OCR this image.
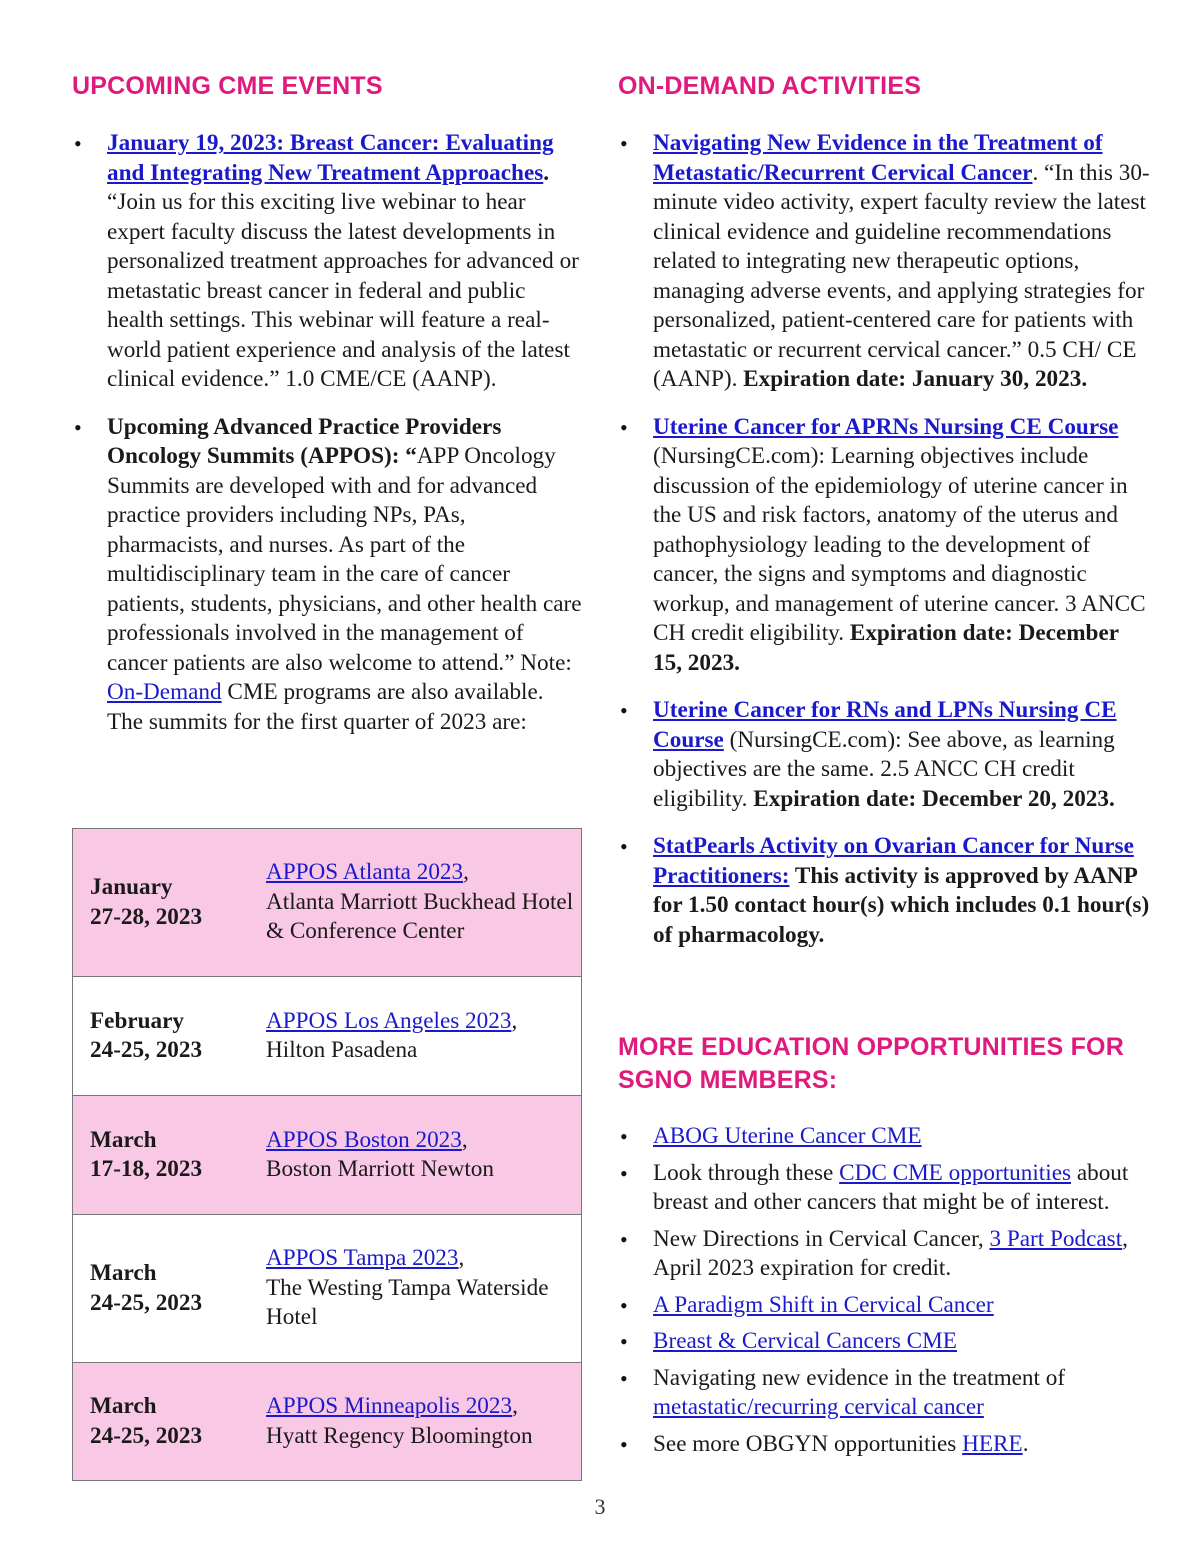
UPCOMING CME EVENTS
• January 19, 2023: Breast Cancer: Evaluating and Integrating New Treatment Approaches. “Join us for this exciting live webinar to hear expert faculty discuss the latest developments in personalized treatment approaches for advanced or metastatic breast cancer in federal and public health settings. This webinar will feature a real-world patient experience and analysis of the latest clinical evidence.” 1.0 CME/CE (AANP).
• Upcoming Advanced Practice Providers Oncology Summits (APPOS): “APP Oncology Summits are developed with and for advanced practice providers including NPs, PAs, pharmacists, and nurses. As part of the multidisciplinary team in the care of cancer patients, students, physicians, and other health care professionals involved in the management of cancer patients are also welcome to attend.” Note: On-Demand CME programs are also available. The summits for the first quarter of 2023 are:
January
27-28, 2023
APPOS Atlanta 2023,
Atlanta Marriott Buckhead Hotel & Conference Center
February
24-25, 2023
APPOS Los Angeles 2023,
Hilton Pasadena
March
17-18, 2023
APPOS Boston 2023,
Boston Marriott Newton
March
24-25, 2023
APPOS Tampa 2023,
The Westing Tampa Waterside Hotel
March
24-25, 2023
APPOS Minneapolis 2023,
Hyatt Regency Bloomington
ON-DEMAND ACTIVITIES
• Navigating New Evidence in the Treatment of Metastatic/Recurrent Cervical Cancer. “In this 30-minute video activity, expert faculty review the latest clinical evidence and guideline recommendations related to integrating new therapeutic options, managing adverse events, and applying strategies for personalized, patient-centered care for patients with metastatic or recurrent cervical cancer.” 0.5 CH/ CE (AANP). Expiration date: January 30, 2023.
• Uterine Cancer for APRNs Nursing CE Course (NursingCE.com): Learning objectives include discussion of the epidemiology of uterine cancer in the US and risk factors, anatomy of the uterus and pathophysiology leading to the development of cancer, the signs and symptoms and diagnostic workup, and management of uterine cancer. 3 ANCC CH credit eligibility. Expiration date: December 15, 2023.
• Uterine Cancer for RNs and LPNs Nursing CE Course (NursingCE.com): See above, as learning objectives are the same. 2.5 ANCC CH credit eligibility. Expiration date: December 20, 2023.
• StatPearls Activity on Ovarian Cancer for Nurse Practitioners: This activity is approved by AANP for 1.50 contact hour(s) which includes 0.1 hour(s) of pharmacology.
MORE EDUCATION OPPORTUNITIES FOR SGNO MEMBERS:
• ABOG Uterine Cancer CME
• Look through these CDC CME opportunities about breast and other cancers that might be of interest.
• New Directions in Cervical Cancer, 3 Part Podcast, April 2023 expiration for credit.
• A Paradigm Shift in Cervical Cancer
• Breast & Cervical Cancers CME
• Navigating new evidence in the treatment of metastatic/recurring cervical cancer
• See more OBGYN opportunities HERE.
3
